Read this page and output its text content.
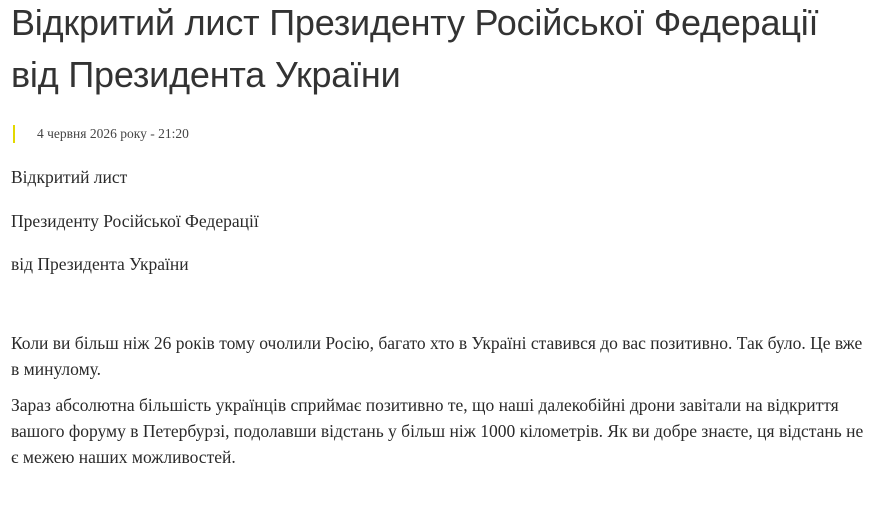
Відкритий лист Президенту Російської Федерації від Президента України
4 червня 2026 року - 21:20

Відкритий лист

Президенту Російської Федерації

від Президента України

Коли ви більш ніж 26 років тому очолили Росію, багато хто в Україні ставився до вас позитивно. Так було. Це вже в минулому.

Зараз абсолютна більшість українців сприймає позитивно те, що наші далекобійні дрони завітали на відкриття вашого форуму в Петербурзі, подолавши відстань у більш ніж 1000 кілометрів. Як ви добре знаєте, ця відстань не є межею наших можливостей.
